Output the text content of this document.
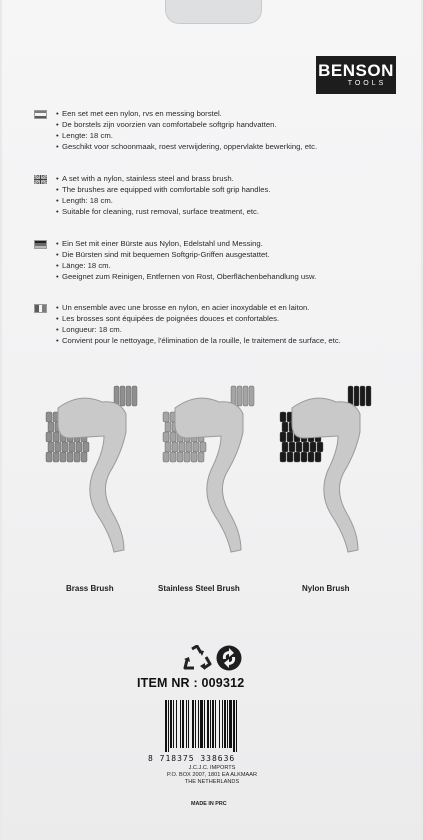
BENSON
TOOLS
• Een set met een nylon, rvs en messing borstel.
• De borstels zijn voorzien van comfortabele softgrip handvatten.
• Lengte: 18 cm.
• Geschikt voor schoonmaak, roest verwijdering, oppervlakte bewerking, etc.
• A set with a nylon, stainless steel and brass brush.
• The brushes are equipped with comfortable soft grip handles.
• Length: 18 cm.
• Suitable for cleaning, rust removal, surface treatment, etc.
• Ein Set mit einer Bürste aus Nylon, Edelstahl und Messing.
• Die Bürsten sind mit bequemen Softgrip-Griffen ausgestattet.
• Länge: 18 cm.
• Geeignet zum Reinigen, Entfernen von Rost, Oberflächenbehandlung usw.
• Un ensemble avec une brosse en nylon, en acier inoxydable et en laiton.
• Les brosses sont équipées de poignées douces et confortables.
• Longueur: 18 cm.
• Convient pour le nettoyage, l'élimination de la rouille, le traitement de surface, etc.
Brass Brush	Stainless Steel Brush	Nylon Brush
ITEM NR : 009312
8 718375 338636
J.C.J.C. IMPORTS
P.O. BOX 2007, 1801 EA ALKMAAR
THE NETHERLANDS
MADE IN PRC
